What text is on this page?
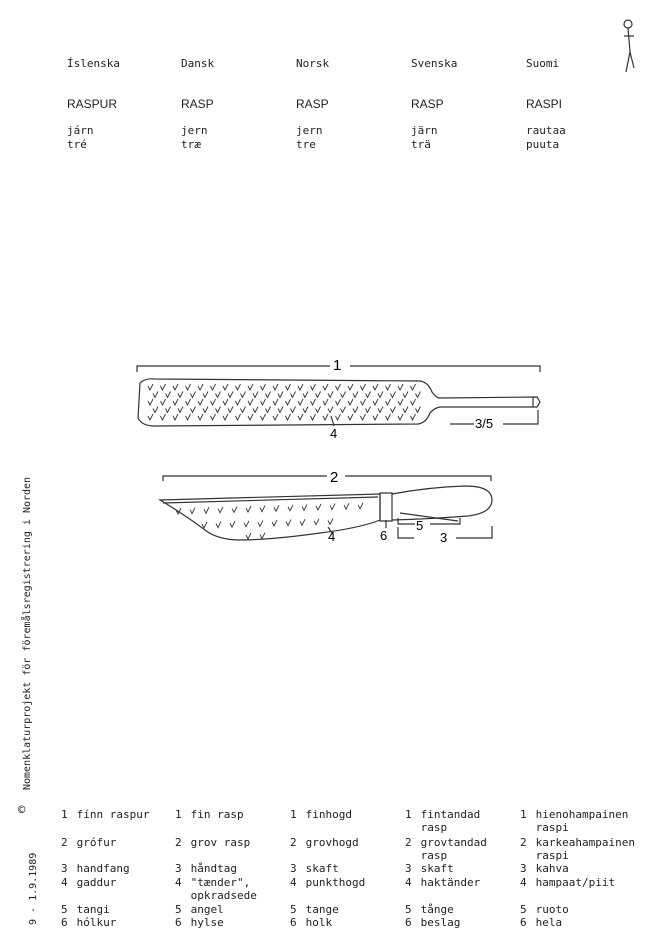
Íslenska
RASPUR
járn
tré
Dansk
RASP
jern
træ
Norsk
RASP
jern
tre
Svenska
RASP
järn
trä
Suomi
RASPI
rautaa
puuta
Nomenklaturprojekt för föremålsregistrering i Norden
©
9 - 1.9.1989
1
3/5
4
2
5
6	3
4
1 fínn raspur
2 grófur
3 handfang
4 gaddur
5 tangi
6 hólkur
1 fin rasp
2 grov rasp
3 håndtag
4 "tænder",
opkradsede
5 angel
6 hylse
1 finhogd
2 grovhogd
3 skaft
4 punkthogd
5 tange
6 holk
1 fintandad
rasp
2 grovtandad
rasp
3 skaft
4 haktänder
5 tånge
6 beslag
1 hienohampainen
raspi
2 karkeahampainen
raspi
3 kahva
4 hampaat/piit
5 ruoto
6 hela
